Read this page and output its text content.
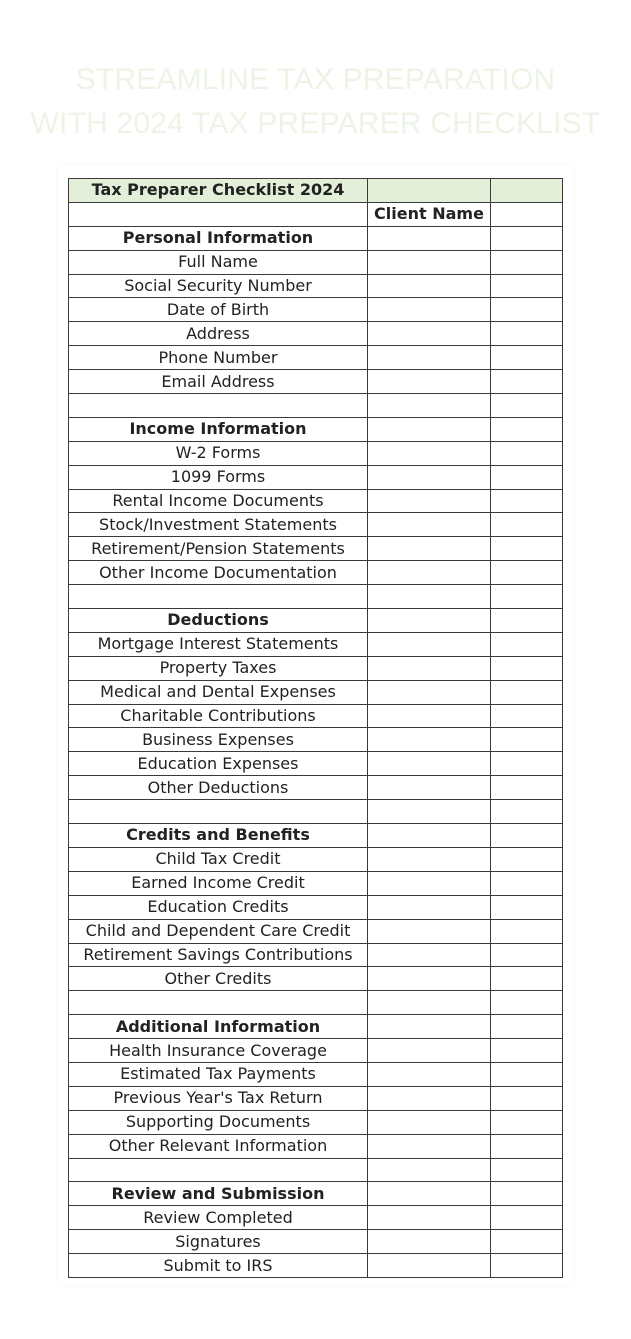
STREAMLINE TAX PREPARATION
WITH 2024 TAX PREPARER CHECKLIST
Tax Preparer Checklist 2024		
	Client Name	
Personal Information		
Full Name		
Social Security Number		
Date of Birth		
Address		
Phone Number		
Email Address		

Income Information		
W-2 Forms		
1099 Forms		
Rental Income Documents		
Stock/Investment Statements		
Retirement/Pension Statements		
Other Income Documentation		

Deductions		
Mortgage Interest Statements		
Property Taxes		
Medical and Dental Expenses		
Charitable Contributions		
Business Expenses		
Education Expenses		
Other Deductions		

Credits and Benefits		
Child Tax Credit		
Earned Income Credit		
Education Credits		
Child and Dependent Care Credit		
Retirement Savings Contributions		
Other Credits		

Additional Information		
Health Insurance Coverage		
Estimated Tax Payments		
Previous Year's Tax Return		
Supporting Documents		
Other Relevant Information		

Review and Submission		
Review Completed		
Signatures		
Submit to IRS		
